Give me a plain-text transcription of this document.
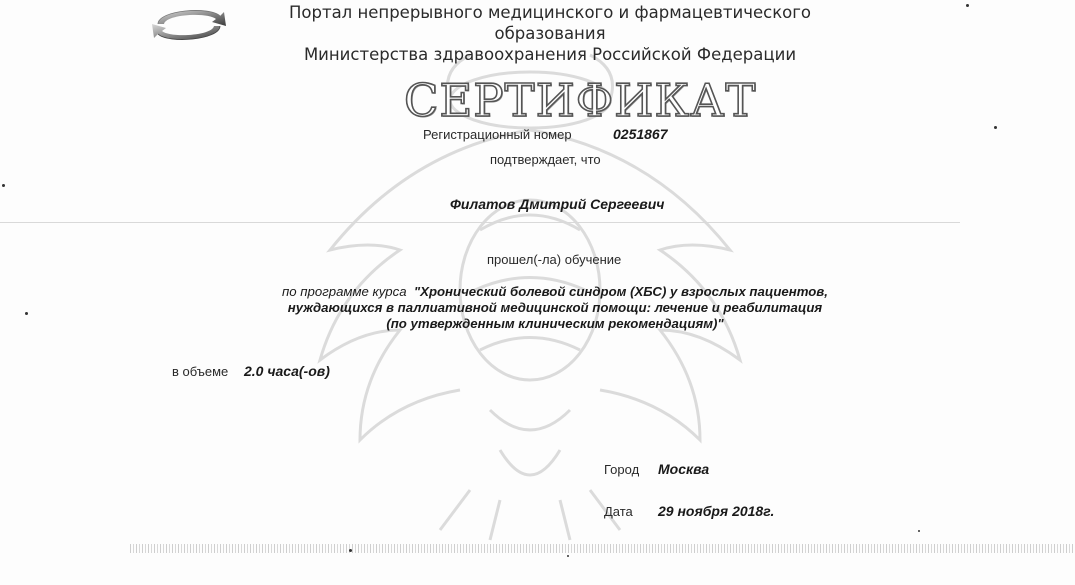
Портал непрерывного медицинского и фармацевтического образования
Министерства здравоохранения Российской Федерации
СЕРТИФИКАТ
Регистрационный номер	0251867
подтверждает, что
Филатов Дмитрий Сергеевич
прошел(-ла) обучение
по программе курса "Хронический болевой синдром (ХБС) у взрослых пациентов,
нуждающихся в паллиативной медицинской помощи: лечение и реабилитация
(по утвержденным клиническим рекомендациям)"
в объеме 2.0 часа(-ов)
Город Москва
Дата 29 ноября 2018г.
